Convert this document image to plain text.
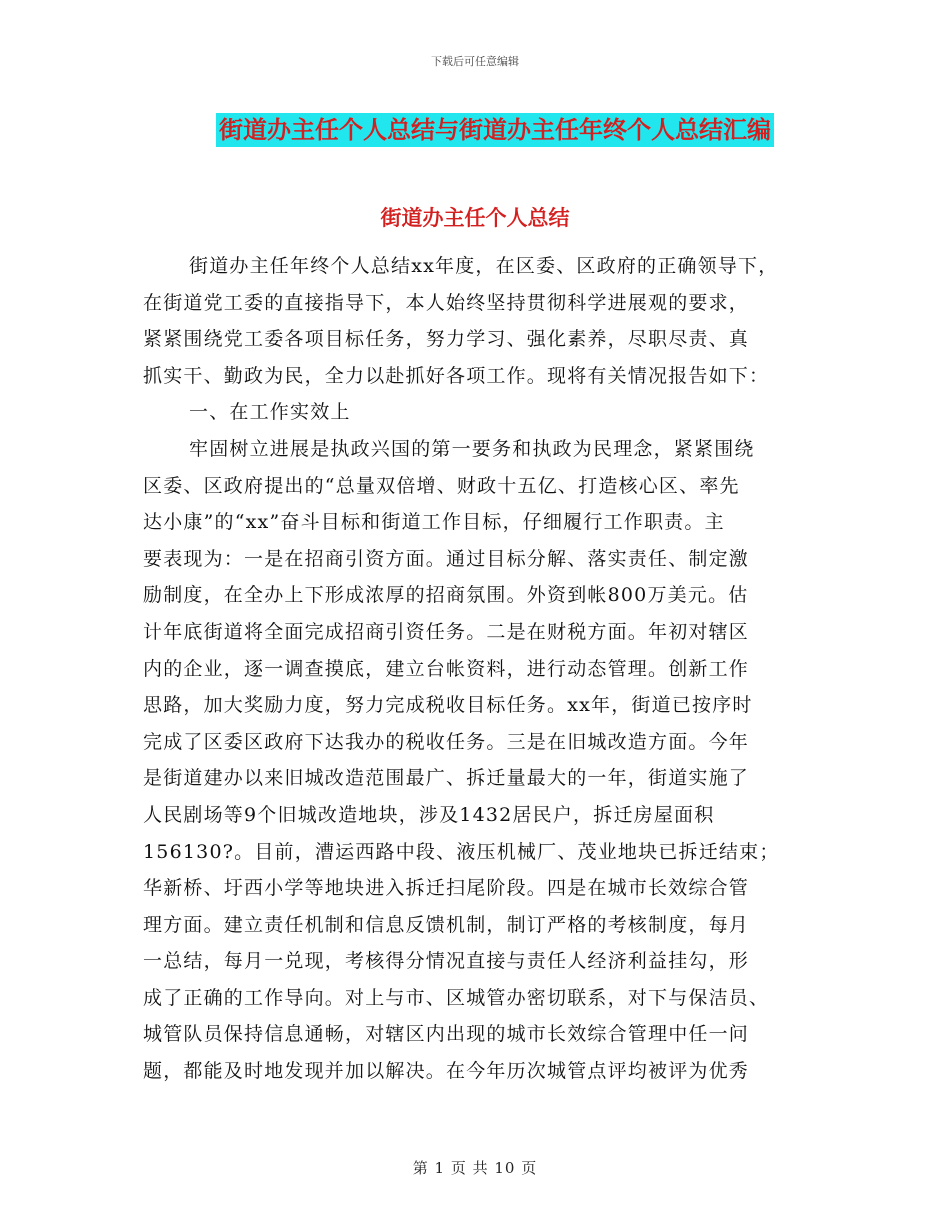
下载后可任意编辑
街道办主任个人总结与街道办主任年终个人总结汇编
街道办主任个人总结
街道办主任年终个人总结xx年度，在区委、区政府的正确领导下，
在街道党工委的直接指导下，本人始终坚持贯彻科学进展观的要求，
紧紧围绕党工委各项目标任务，努力学习、强化素养，尽职尽责、真
抓实干、勤政为民，全力以赴抓好各项工作。现将有关情况报告如下：
一、在工作实效上
牢固树立进展是执政兴国的第一要务和执政为民理念，紧紧围绕
区委、区政府提出的“总量双倍增、财政十五亿、打造核心区、率先
达小康”的“xx”奋斗目标和街道工作目标，仔细履行工作职责。主
要表现为：一是在招商引资方面。通过目标分解、落实责任、制定激
励制度，在全办上下形成浓厚的招商氛围。外资到帐800万美元。估
计年底街道将全面完成招商引资任务。二是在财税方面。年初对辖区
内的企业，逐一调查摸底，建立台帐资料，进行动态管理。创新工作
思路，加大奖励力度，努力完成税收目标任务。xx年，街道已按序时
完成了区委区政府下达我办的税收任务。三是在旧城改造方面。今年
是街道建办以来旧城改造范围最广、拆迁量最大的一年，街道实施了
人民剧场等9个旧城改造地块，涉及1432居民户，拆迁房屋面积
156130?。目前，漕运西路中段、液压机械厂、茂业地块已拆迁结束；
华新桥、圩西小学等地块进入拆迁扫尾阶段。四是在城市长效综合管
理方面。建立责任机制和信息反馈机制，制订严格的考核制度，每月
一总结，每月一兑现，考核得分情况直接与责任人经济利益挂勾，形
成了正确的工作导向。对上与市、区城管办密切联系，对下与保洁员、
城管队员保持信息通畅，对辖区内出现的城市长效综合管理中任一问
题，都能及时地发现并加以解决。在今年历次城管点评均被评为优秀
第 1 页 共 10 页
